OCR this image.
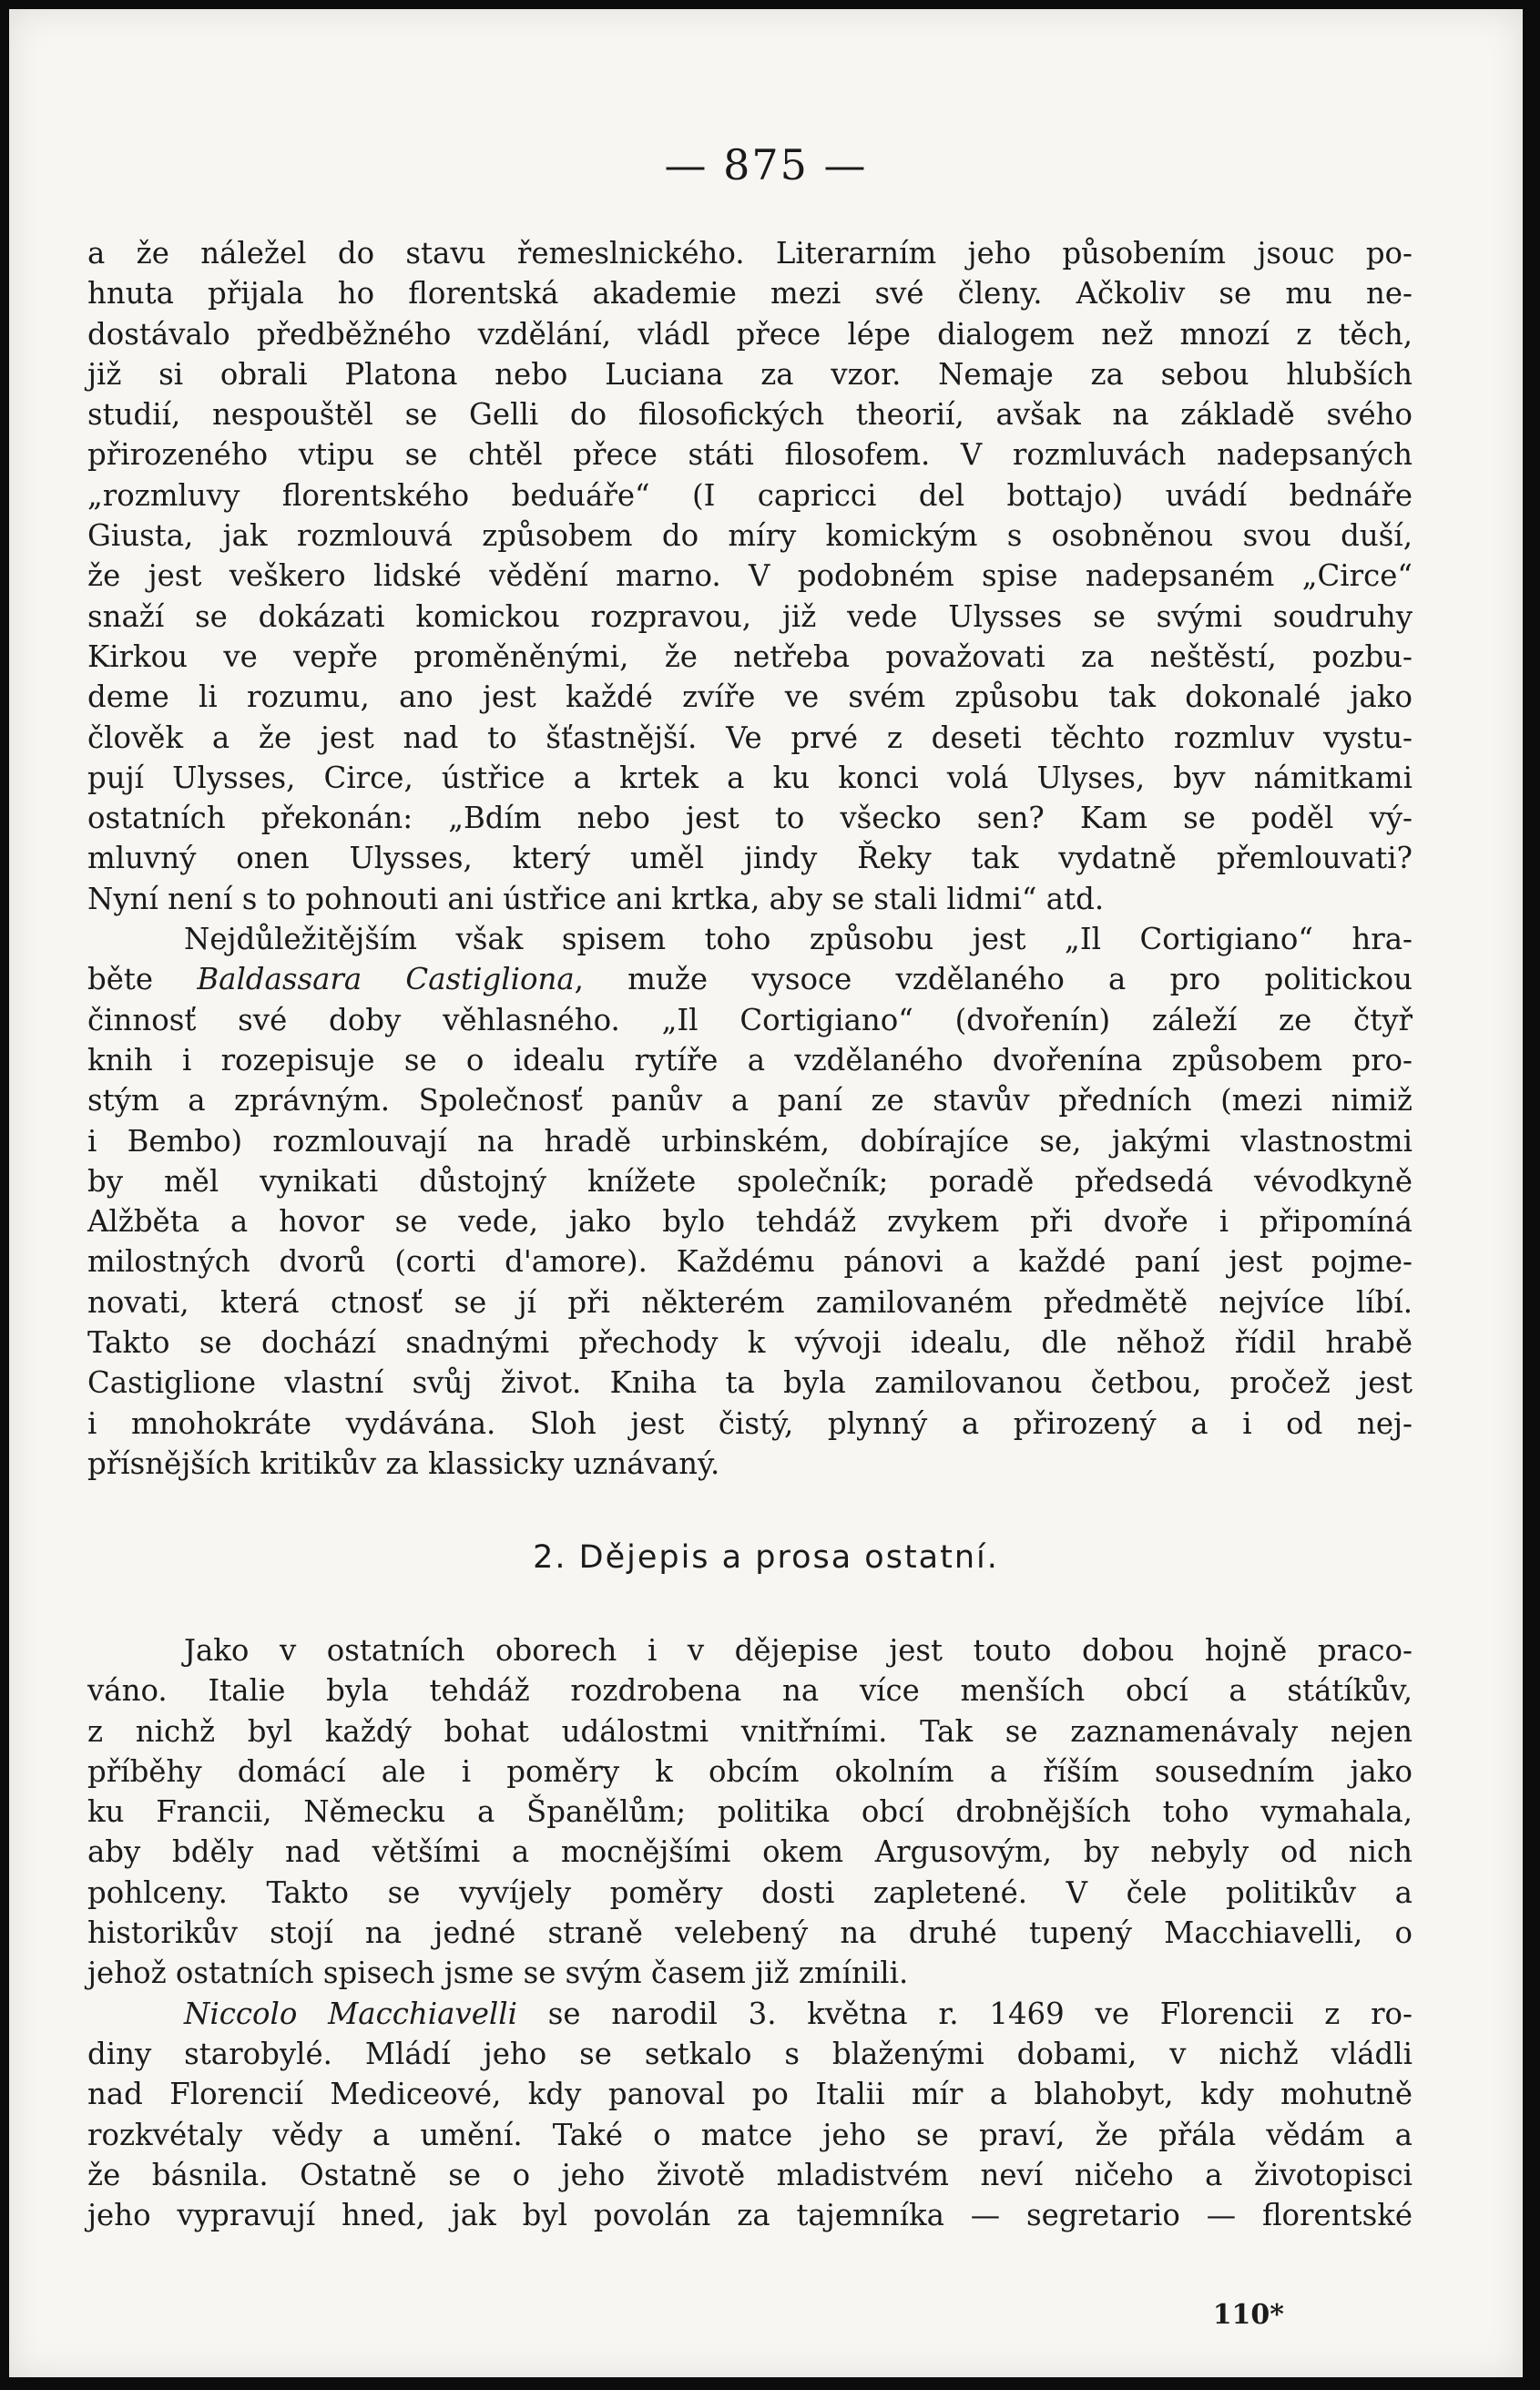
— 875 —
a že náležel do stavu řemeslnického. Literarním jeho působením jsouc po-
hnuta přijala ho florentská akademie mezi své členy. Ačkoliv se mu ne-
dostávalo předběžného vzdělání, vládl přece lépe dialogem než mnozí z těch,
již si obrali Platona nebo Luciana za vzor. Nemaje za sebou hlubších
studií, nespouštěl se Gelli do filosofických theorií, avšak na základě svého
přirozeného vtipu se chtěl přece státi filosofem. V rozmluvách nadepsaných
„rozmluvy florentského beduáře“ (I capricci del bottajo) uvádí bednáře
Giusta, jak rozmlouvá způsobem do míry komickým s osobněnou svou duší,
že jest veškero lidské vědění marno. V podobném spise nadepsaném „Circe“
snaží se dokázati komickou rozpravou, již vede Ulysses se svými soudruhy
Kirkou ve vepře proměněnými, že netřeba považovati za neštěstí, pozbu-
deme li rozumu, ano jest každé zvíře ve svém způsobu tak dokonalé jako
člověk a že jest nad to šťastnější. Ve prvé z deseti těchto rozmluv vystu-
pují Ulysses, Circe, ústřice a krtek a ku konci volá Ulyses, byv námitkami
ostatních překonán: „Bdím nebo jest to všecko sen? Kam se poděl vý-
mluvný onen Ulysses, který uměl jindy Řeky tak vydatně přemlouvati?
Nyní není s to pohnouti ani ústřice ani krtka, aby se stali lidmi“ atd.
Nejdůležitějším však spisem toho způsobu jest „Il Cortigiano“ hra-
běte Baldassara Castigliona, muže vysoce vzdělaného a pro politickou
činnosť své doby věhlasného. „Il Cortigiano“ (dvořenín) záleží ze čtyř
knih i rozepisuje se o idealu rytíře a vzdělaného dvořenína způsobem pro-
stým a zprávným. Společnosť panův a paní ze stavův předních (mezi nimiž
i Bembo) rozmlouvají na hradě urbinském, dobírajíce se, jakými vlastnostmi
by měl vynikati důstojný knížete společník; poradě předsedá vévodkyně
Alžběta a hovor se vede, jako bylo tehdáž zvykem při dvoře i připomíná
milostných dvorů (corti d'amore). Každému pánovi a každé paní jest pojme-
novati, která ctnosť se jí při některém zamilovaném předmětě nejvíce líbí.
Takto se dochází snadnými přechody k vývoji idealu, dle něhož řídil hrabě
Castiglione vlastní svůj život. Kniha ta byla zamilovanou četbou, pročež jest
i mnohokráte vydávána. Sloh jest čistý, plynný a přirozený a i od nej-
přísnějších kritikův za klassicky uznávaný.
2. Dějepis a prosa ostatní.
Jako v ostatních oborech i v dějepise jest touto dobou hojně praco-
váno. Italie byla tehdáž rozdrobena na více menších obcí a státíkův,
z nichž byl každý bohat událostmi vnitřními. Tak se zaznamenávaly nejen
příběhy domácí ale i poměry k obcím okolním a říším sousedním jako
ku Francii, Německu a Španělům; politika obcí drobnějších toho vymahala,
aby bděly nad většími a mocnějšími okem Argusovým, by nebyly od nich
pohlceny. Takto se vyvíjely poměry dosti zapletené. V čele politikův a
historikův stojí na jedné straně velebený na druhé tupený Macchiavelli, o
jehož ostatních spisech jsme se svým časem již zmínili.
Niccolo Macchiavelli se narodil 3. května r. 1469 ve Florencii z ro-
diny starobylé. Mládí jeho se setkalo s blaženými dobami, v nichž vládli
nad Florencií Mediceové, kdy panoval po Italii mír a blahobyt, kdy mohutně
rozkvétaly vědy a umění. Také o matce jeho se praví, že přála vědám a
že básnila. Ostatně se o jeho životě mladistvém neví ničeho a životopisci
jeho vypravují hned, jak byl povolán za tajemníka — segretario — florentské
110*
